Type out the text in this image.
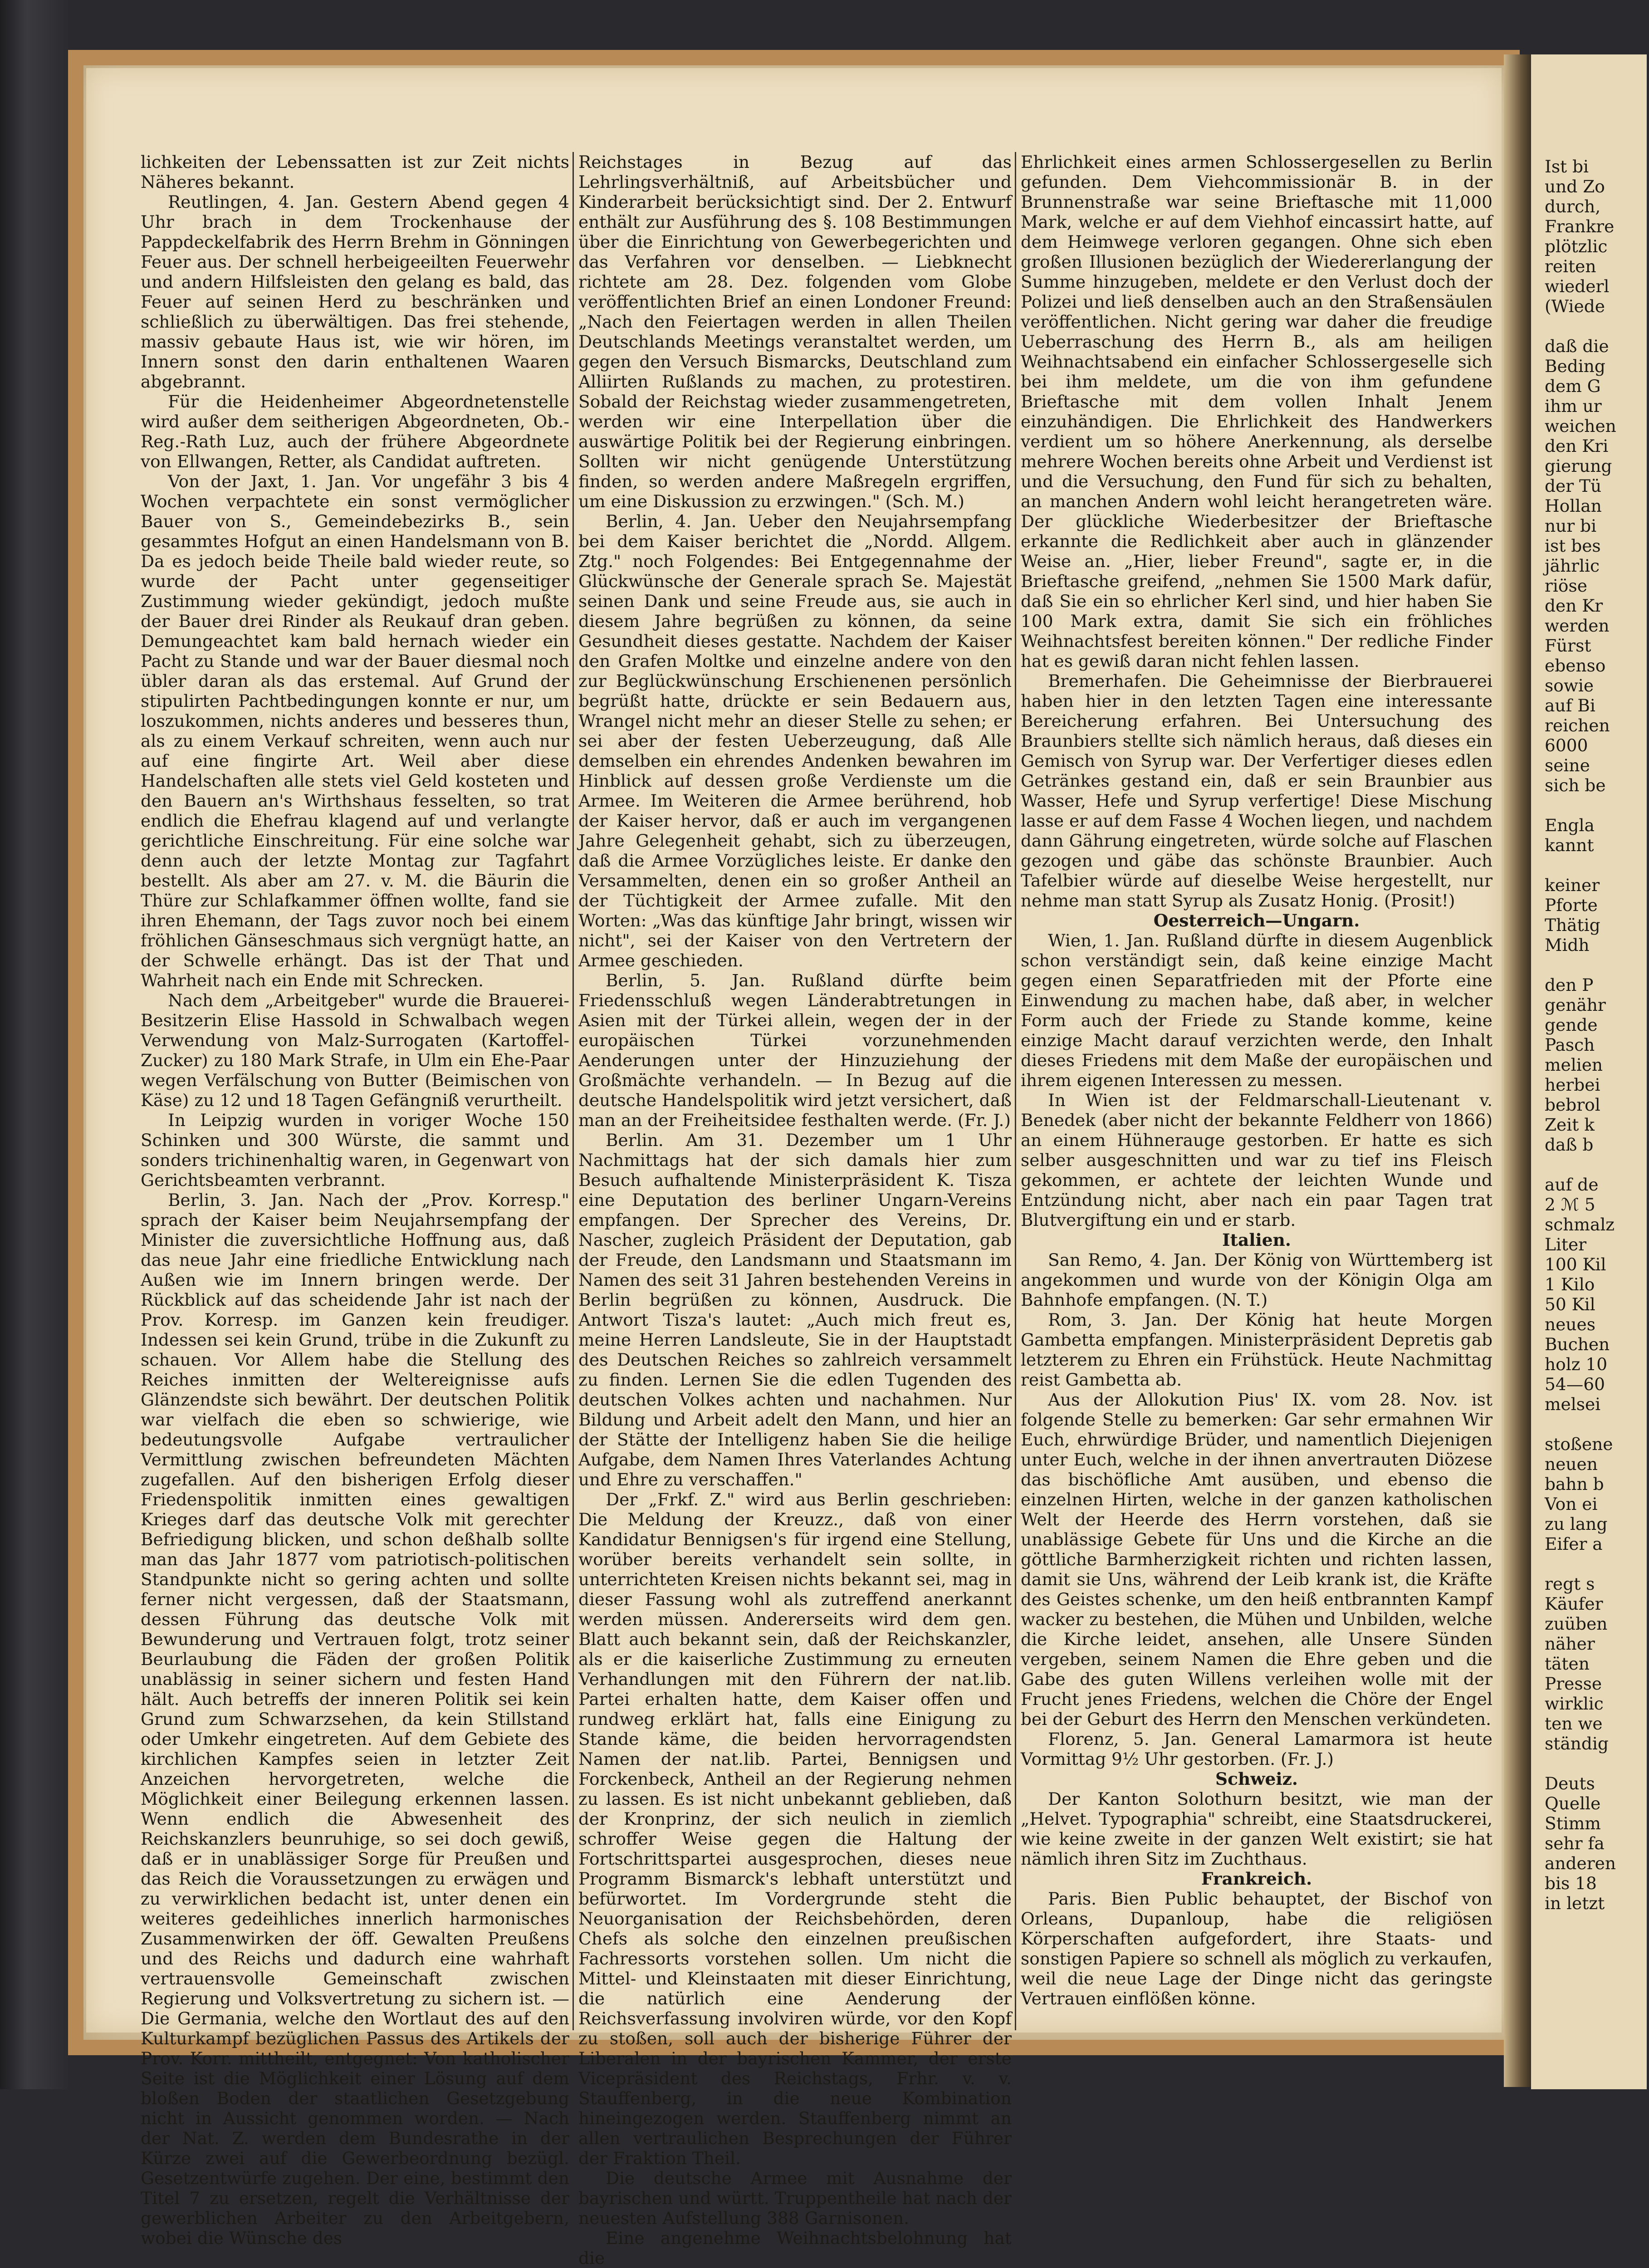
lichkeiten der Lebenssatten ist zur Zeit nichts Näheres bekannt.

Reutlingen, 4. Jan. Gestern Abend gegen 4 Uhr brach in dem Trockenhause der Pappdeckelfabrik des Herrn Brehm in Gönningen Feuer aus. Der schnell herbeigeeilten Feuerwehr und andern Hilfsleisten den gelang es bald, das Feuer auf seinen Herd zu beschränken und schließlich zu überwältigen. Das frei stehende, massiv gebaute Haus ist, wie wir hören, im Innern sonst den darin enthaltenen Waaren abgebrannt.

Für die Heidenheimer Abgeordnetenstelle wird außer dem seitherigen Abgeordneten, Ob.-Reg.-Rath Luz, auch der frühere Abgeordnete von Ellwangen, Retter, als Candidat auftreten.

Von der Jaxt, 1. Jan. Vor ungefähr 3 bis 4 Wochen verpachtete ein sonst vermöglicher Bauer von S., Gemeindebezirks B., sein gesammtes Hofgut an einen Handelsmann von B. Da es jedoch beide Theile bald wieder reute, so wurde der Pacht unter gegenseitiger Zustimmung wieder gekündigt, jedoch mußte der Bauer drei Rinder als Reukauf dran geben. Demungeachtet kam bald hernach wieder ein Pacht zu Stande und war der Bauer diesmal noch übler daran als das erstemal. Auf Grund der stipulirten Pachtbedingungen konnte er nur, um loszukommen, nichts anderes und besseres thun, als zu einem Verkauf schreiten, wenn auch nur auf eine fingirte Art. Weil aber diese Handelschaften alle stets viel Geld kosteten und den Bauern an's Wirthshaus fesselten, so trat endlich die Ehefrau klagend auf und verlangte gerichtliche Einschreitung. Für eine solche war denn auch der letzte Montag zur Tagfahrt bestellt. Als aber am 27. v. M. die Bäurin die Thüre zur Schlafkammer öffnen wollte, fand sie ihren Ehemann, der Tags zuvor noch bei einem fröhlichen Gänseschmaus sich vergnügt hatte, an der Schwelle erhängt. Das ist der That und Wahrheit nach ein Ende mit Schrecken.

Nach dem „Arbeitgeber" wurde die Brauerei-Besitzerin Elise Hassold in Schwalbach wegen Verwendung von Malz-Surrogaten (Kartoffel-Zucker) zu 180 Mark Strafe, in Ulm ein Ehe-Paar wegen Verfälschung von Butter (Beimischen von Käse) zu 12 und 18 Tagen Gefängniß verurtheilt.

In Leipzig wurden in voriger Woche 150 Schinken und 300 Würste, die sammt und sonders trichinenhaltig waren, in Gegenwart von Gerichtsbeamten verbrannt.

Berlin, 3. Jan. Nach der „Prov. Korresp." sprach der Kaiser beim Neujahrsempfang der Minister die zuversichtliche Hoffnung aus, daß das neue Jahr eine friedliche Entwicklung nach Außen wie im Innern bringen werde. Der Rückblick auf das scheidende Jahr ist nach der Prov. Korresp. im Ganzen kein freudiger. Indessen sei kein Grund, trübe in die Zukunft zu schauen. Vor Allem habe die Stellung des Reiches inmitten der Weltereignisse aufs Glänzendste sich bewährt. Der deutschen Politik war vielfach die eben so schwierige, wie bedeutungsvolle Aufgabe vertraulicher Vermittlung zwischen befreundeten Mächten zugefallen. Auf den bisherigen Erfolg dieser Friedenspolitik inmitten eines gewaltigen Krieges darf das deutsche Volk mit gerechter Befriedigung blicken, und schon deßhalb sollte man das Jahr 1877 vom patriotisch-politischen Standpunkte nicht so gering achten und sollte ferner nicht vergessen, daß der Staatsmann, dessen Führung das deutsche Volk mit Bewunderung und Vertrauen folgt, trotz seiner Beurlaubung die Fäden der großen Politik unablässig in seiner sichern und festen Hand hält. Auch betreffs der inneren Politik sei kein Grund zum Schwarzsehen, da kein Stillstand oder Umkehr eingetreten. Auf dem Gebiete des kirchlichen Kampfes seien in letzter Zeit Anzeichen hervorgetreten, welche die Möglichkeit einer Beilegung erkennen lassen. Wenn endlich die Abwesenheit des Reichskanzlers beunruhige, so sei doch gewiß, daß er in unablässiger Sorge für Preußen und das Reich die Voraussetzungen zu erwägen und zu verwirklichen bedacht ist, unter denen ein weiteres gedeihliches innerlich harmonisches Zusammenwirken der öff. Gewalten Preußens und des Reichs und dadurch eine wahrhaft vertrauensvolle Gemeinschaft zwischen Regierung und Volksvertretung zu sichern ist. — Die Germania, welche den Wortlaut des auf den Kulturkampf bezüglichen Passus des Artikels der Prov. Korr. mittheilt, entgegnet: Von katholischer Seite ist die Möglichkeit einer Lösung auf dem bloßen Boden der staatlichen Gesetzgebung nicht in Aussicht genommen worden. — Nach der Nat. Z. werden dem Bundesrathe in der Kürze zwei auf die Gewerbeordnung bezügl. Gesetzentwürfe zugehen. Der eine, bestimmt den Titel 7 zu ersetzen, regelt die Verhältnisse der gewerblichen Arbeiter zu den Arbeitgebern, wobei die Wünsche des

Reichstages in Bezug auf das Lehrlingsverhältniß, auf Arbeitsbücher und Kinderarbeit berücksichtigt sind. Der 2. Entwurf enthält zur Ausführung des §. 108 Bestimmungen über die Einrichtung von Gewerbegerichten und das Verfahren vor denselben. — Liebknecht richtete am 28. Dez. folgenden vom Globe veröffentlichten Brief an einen Londoner Freund: „Nach den Feiertagen werden in allen Theilen Deutschlands Meetings veranstaltet werden, um gegen den Versuch Bismarcks, Deutschland zum Alliirten Rußlands zu machen, zu protestiren. Sobald der Reichstag wieder zusammengetreten, werden wir eine Interpellation über die auswärtige Politik bei der Regierung einbringen. Sollten wir nicht genügende Unterstützung finden, so werden andere Maßregeln ergriffen, um eine Diskussion zu erzwingen." (Sch. M.)

Berlin, 4. Jan. Ueber den Neujahrsempfang bei dem Kaiser berichtet die „Nordd. Allgem. Ztg." noch Folgendes: Bei Entgegennahme der Glückwünsche der Generale sprach Se. Majestät seinen Dank und seine Freude aus, sie auch in diesem Jahre begrüßen zu können, da seine Gesundheit dieses gestatte. Nachdem der Kaiser den Grafen Moltke und einzelne andere von den zur Beglückwünschung Erschienenen persönlich begrüßt hatte, drückte er sein Bedauern aus, Wrangel nicht mehr an dieser Stelle zu sehen; er sei aber der festen Ueberzeugung, daß Alle demselben ein ehrendes Andenken bewahren im Hinblick auf dessen große Verdienste um die Armee. Im Weiteren die Armee berührend, hob der Kaiser hervor, daß er auch im vergangenen Jahre Gelegenheit gehabt, sich zu überzeugen, daß die Armee Vorzügliches leiste. Er danke den Versammelten, denen ein so großer Antheil an der Tüchtigkeit der Armee zufalle. Mit den Worten: „Was das künftige Jahr bringt, wissen wir nicht", sei der Kaiser von den Vertretern der Armee geschieden.

Berlin, 5. Jan. Rußland dürfte beim Friedensschluß wegen Länderabtretungen in Asien mit der Türkei allein, wegen der in der europäischen Türkei vorzunehmenden Aenderungen unter der Hinzuziehung der Großmächte verhandeln. — In Bezug auf die deutsche Handelspolitik wird jetzt versichert, daß man an der Freiheitsidee festhalten werde. (Fr. J.)

Berlin. Am 31. Dezember um 1 Uhr Nachmittags hat der sich damals hier zum Besuch aufhaltende Ministerpräsident K. Tisza eine Deputation des berliner Ungarn-Vereins empfangen. Der Sprecher des Vereins, Dr. Nascher, zugleich Präsident der Deputation, gab der Freude, den Landsmann und Staatsmann im Namen des seit 31 Jahren bestehenden Vereins in Berlin begrüßen zu können, Ausdruck. Die Antwort Tisza's lautet: „Auch mich freut es, meine Herren Landsleute, Sie in der Hauptstadt des Deutschen Reiches so zahlreich versammelt zu finden. Lernen Sie die edlen Tugenden des deutschen Volkes achten und nachahmen. Nur Bildung und Arbeit adelt den Mann, und hier an der Stätte der Intelligenz haben Sie die heilige Aufgabe, dem Namen Ihres Vaterlandes Achtung und Ehre zu verschaffen."

Der „Frkf. Z." wird aus Berlin geschrieben: Die Meldung der Kreuzz., daß von einer Kandidatur Bennigsen's für irgend eine Stellung, worüber bereits verhandelt sein sollte, in unterrichteten Kreisen nichts bekannt sei, mag in dieser Fassung wohl als zutreffend anerkannt werden müssen. Andererseits wird dem gen. Blatt auch bekannt sein, daß der Reichskanzler, als er die kaiserliche Zustimmung zu erneuten Verhandlungen mit den Führern der nat.lib. Partei erhalten hatte, dem Kaiser offen und rundweg erklärt hat, falls eine Einigung zu Stande käme, die beiden hervorragendsten Namen der nat.lib. Partei, Bennigsen und Forckenbeck, Antheil an der Regierung nehmen zu lassen. Es ist nicht unbekannt geblieben, daß der Kronprinz, der sich neulich in ziemlich schroffer Weise gegen die Haltung der Fortschrittspartei ausgesprochen, dieses neue Programm Bismarck's lebhaft unterstützt und befürwortet. Im Vordergrunde steht die Neuorganisation der Reichsbehörden, deren Chefs als solche den einzelnen preußischen Fachressorts vorstehen sollen. Um nicht die Mittel- und Kleinstaaten mit dieser Einrichtung, die natürlich eine Aenderung der Reichsverfassung involviren würde, vor den Kopf zu stoßen, soll auch der bisherige Führer der Liberalen in der bayrischen Kammer, der erste Vicepräsident des Reichstags, Frhr. v. v. Stauffenberg, in die neue Kombination hineingezogen werden. Stauffenberg nimmt an allen vertraulichen Besprechungen der Führer der Fraktion Theil.

Die deutsche Armee mit Ausnahme der bayrischen und württ. Truppentheile hat nach der neuesten Aufstellung 388 Garnisonen.

Eine angenehme Weihnachtsbelohnung hat die

Ehrlichkeit eines armen Schlossergesellen zu Berlin gefunden. Dem Viehcommissionär B. in der Brunnenstraße war seine Brieftasche mit 11,000 Mark, welche er auf dem Viehhof eincassirt hatte, auf dem Heimwege verloren gegangen. Ohne sich eben großen Illusionen bezüglich der Wiedererlangung der Summe hinzugeben, meldete er den Verlust doch der Polizei und ließ denselben auch an den Straßensäulen veröffentlichen. Nicht gering war daher die freudige Ueberraschung des Herrn B., als am heiligen Weihnachtsabend ein einfacher Schlossergeselle sich bei ihm meldete, um die von ihm gefundene Brieftasche mit dem vollen Inhalt Jenem einzuhändigen. Die Ehrlichkeit des Handwerkers verdient um so höhere Anerkennung, als derselbe mehrere Wochen bereits ohne Arbeit und Verdienst ist und die Versuchung, den Fund für sich zu behalten, an manchen Andern wohl leicht herangetreten wäre. Der glückliche Wiederbesitzer der Brieftasche erkannte die Redlichkeit aber auch in glänzender Weise an. „Hier, lieber Freund", sagte er, in die Brieftasche greifend, „nehmen Sie 1500 Mark dafür, daß Sie ein so ehrlicher Kerl sind, und hier haben Sie 100 Mark extra, damit Sie sich ein fröhliches Weihnachtsfest bereiten können." Der redliche Finder hat es gewiß daran nicht fehlen lassen.

Bremerhafen. Die Geheimnisse der Bierbrauerei haben hier in den letzten Tagen eine interessante Bereicherung erfahren. Bei Untersuchung des Braunbiers stellte sich nämlich heraus, daß dieses ein Gemisch von Syrup war. Der Verfertiger dieses edlen Getränkes gestand ein, daß er sein Braunbier aus Wasser, Hefe und Syrup verfertige! Diese Mischung lasse er auf dem Fasse 4 Wochen liegen, und nachdem dann Gährung eingetreten, würde solche auf Flaschen gezogen und gäbe das schönste Braunbier. Auch Tafelbier würde auf dieselbe Weise hergestellt, nur nehme man statt Syrup als Zusatz Honig. (Prosit!)

Oesterreich—Ungarn.

Wien, 1. Jan. Rußland dürfte in diesem Augenblick schon verständigt sein, daß keine einzige Macht gegen einen Separatfrieden mit der Pforte eine Einwendung zu machen habe, daß aber, in welcher Form auch der Friede zu Stande komme, keine einzige Macht darauf verzichten werde, den Inhalt dieses Friedens mit dem Maße der europäischen und ihrem eigenen Interessen zu messen.

In Wien ist der Feldmarschall-Lieutenant v. Benedek (aber nicht der bekannte Feldherr von 1866) an einem Hühnerauge gestorben. Er hatte es sich selber ausgeschnitten und war zu tief ins Fleisch gekommen, er achtete der leichten Wunde und Entzündung nicht, aber nach ein paar Tagen trat Blutvergiftung ein und er starb.

Italien.

San Remo, 4. Jan. Der König von Württemberg ist angekommen und wurde von der Königin Olga am Bahnhofe empfangen. (N. T.)

Rom, 3. Jan. Der König hat heute Morgen Gambetta empfangen. Ministerpräsident Depretis gab letzterem zu Ehren ein Frühstück. Heute Nachmittag reist Gambetta ab.

Aus der Allokution Pius' IX. vom 28. Nov. ist folgende Stelle zu bemerken: Gar sehr ermahnen Wir Euch, ehrwürdige Brüder, und namentlich Diejenigen unter Euch, welche in der ihnen anvertrauten Diözese das bischöfliche Amt ausüben, und ebenso die einzelnen Hirten, welche in der ganzen katholischen Welt der Heerde des Herrn vorstehen, daß sie unablässige Gebete für Uns und die Kirche an die göttliche Barmherzigkeit richten und richten lassen, damit sie Uns, während der Leib krank ist, die Kräfte des Geistes schenke, um den heiß entbrannten Kampf wacker zu bestehen, die Mühen und Unbilden, welche die Kirche leidet, ansehen, alle Unsere Sünden vergeben, seinem Namen die Ehre geben und die Gabe des guten Willens verleihen wolle mit der Frucht jenes Friedens, welchen die Chöre der Engel bei der Geburt des Herrn den Menschen verkündeten.

Florenz, 5. Jan. General Lamarmora ist heute Vormittag 9½ Uhr gestorben. (Fr. J.)

Schweiz.

Der Kanton Solothurn besitzt, wie man der „Helvet. Typographia" schreibt, eine Staatsdruckerei, wie keine zweite in der ganzen Welt existirt; sie hat nämlich ihren Sitz im Zuchthaus.

Frankreich.

Paris. Bien Public behauptet, der Bischof von Orleans, Dupanloup, habe die religiösen Körperschaften aufgefordert, ihre Staats- und sonstigen Papiere so schnell als möglich zu verkaufen, weil die neue Lage der Dinge nicht das geringste Vertrauen einflößen könne.

Ist bi
und Zo
durch,
Frankre
plötzlic
reiten
wiederl
(Wiede
daß die
Beding
dem G
ihm ur
weichen
den Kri
gierung
der Tü
Hollan
nur bi
ist bes
jährlic
riöse
den Kr
werden
Fürst
ebenso
sowie
auf Bi
reichen
6000
seine
sich be
Engla
kannt
keiner
Pforte
Thätig
Midh
den P
genähr
gende
Pasch
melien
herbei
bebrol
Zeit k
daß b
auf de
2 ℳ 5
schmalz
Liter
100 Kil
1 Kilo
50 Kil
neues
Buchen
holz 10
54—60
melsei
stoßene
neuen
bahn b
Von ei
zu lang
Eifer a
regt s
Käufer
zuüben
näher
täten
Presse
wirklic
ten we
ständig
Deuts
Quelle
Stimm
sehr fa
anderen
bis 18
in letzt
